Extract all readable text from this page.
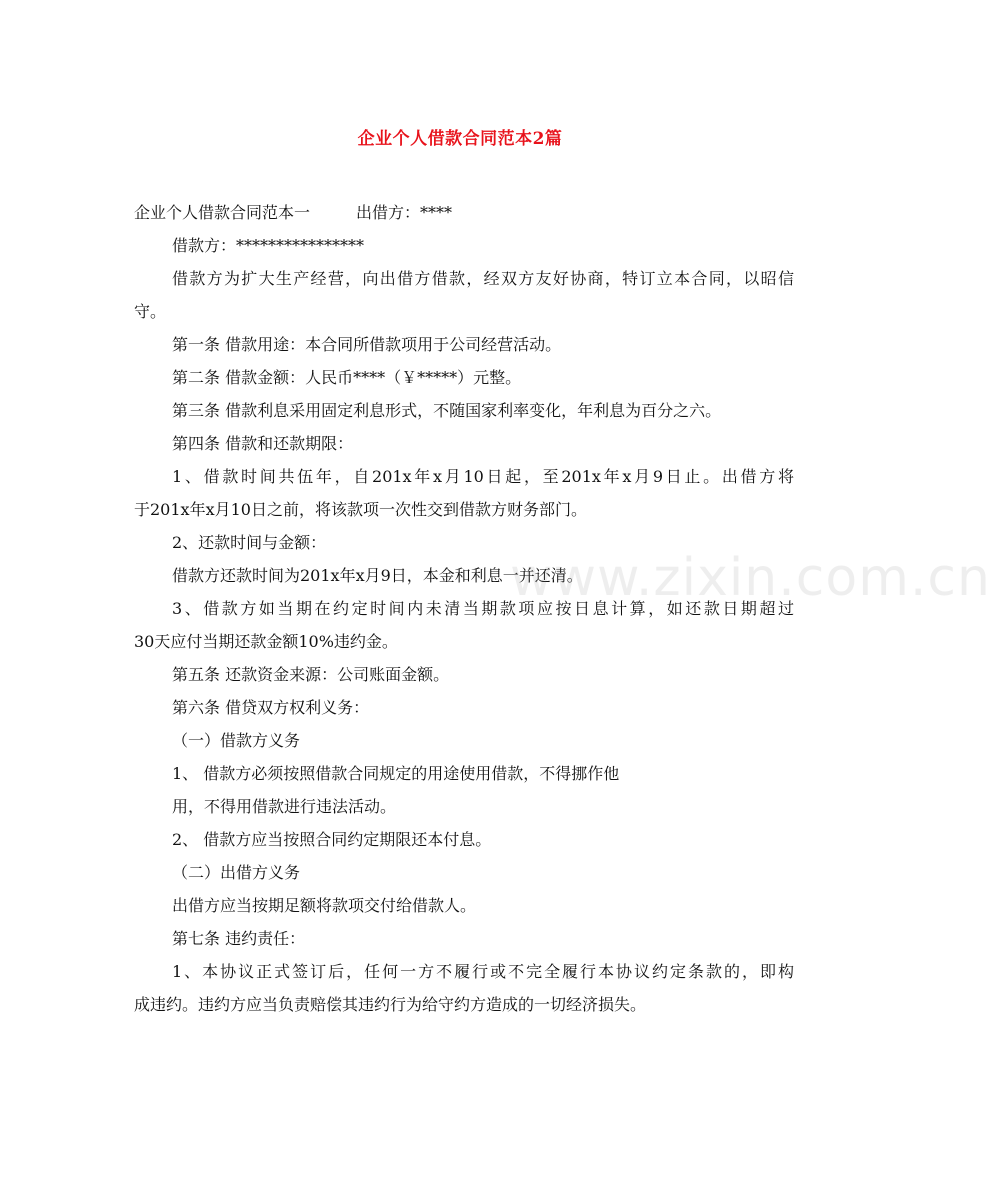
企业个人借款合同范本2篇
企业个人借款合同范本一	出借方：****
借款方：****************
借款方为扩大生产经营，向出借方借款，经双方友好协商，特订立本合同，以昭信
守。
第一条 借款用途：本合同所借款项用于公司经营活动。
第二条 借款金额：人民币****（￥*****）元整。
第三条 借款利息采用固定利息形式，不随国家利率变化，年利息为百分之六。
第四条 借款和还款期限：
1、借款时间共伍年，自201x年x月10日起，至201x年x月9日止。出借方将
于201x年x月10日之前，将该款项一次性交到借款方财务部门。
2、还款时间与金额：
借款方还款时间为201x年x月9日，本金和利息一并还清。
3、借款方如当期在约定时间内未清当期款项应按日息计算，如还款日期超过
30天应付当期还款金额10%违约金。
第五条 还款资金来源：公司账面金额。
第六条 借贷双方权利义务：
（一）借款方义务
1、 借款方必须按照借款合同规定的用途使用借款，不得挪作他
用，不得用借款进行违法活动。
2、 借款方应当按照合同约定期限还本付息。
（二）出借方义务
出借方应当按期足额将款项交付给借款人。
第七条 违约责任：
1、本协议正式签订后，任何一方不履行或不完全履行本协议约定条款的，即构
成违约。违约方应当负责赔偿其违约行为给守约方造成的一切经济损失。
www.zixin.com.cn
